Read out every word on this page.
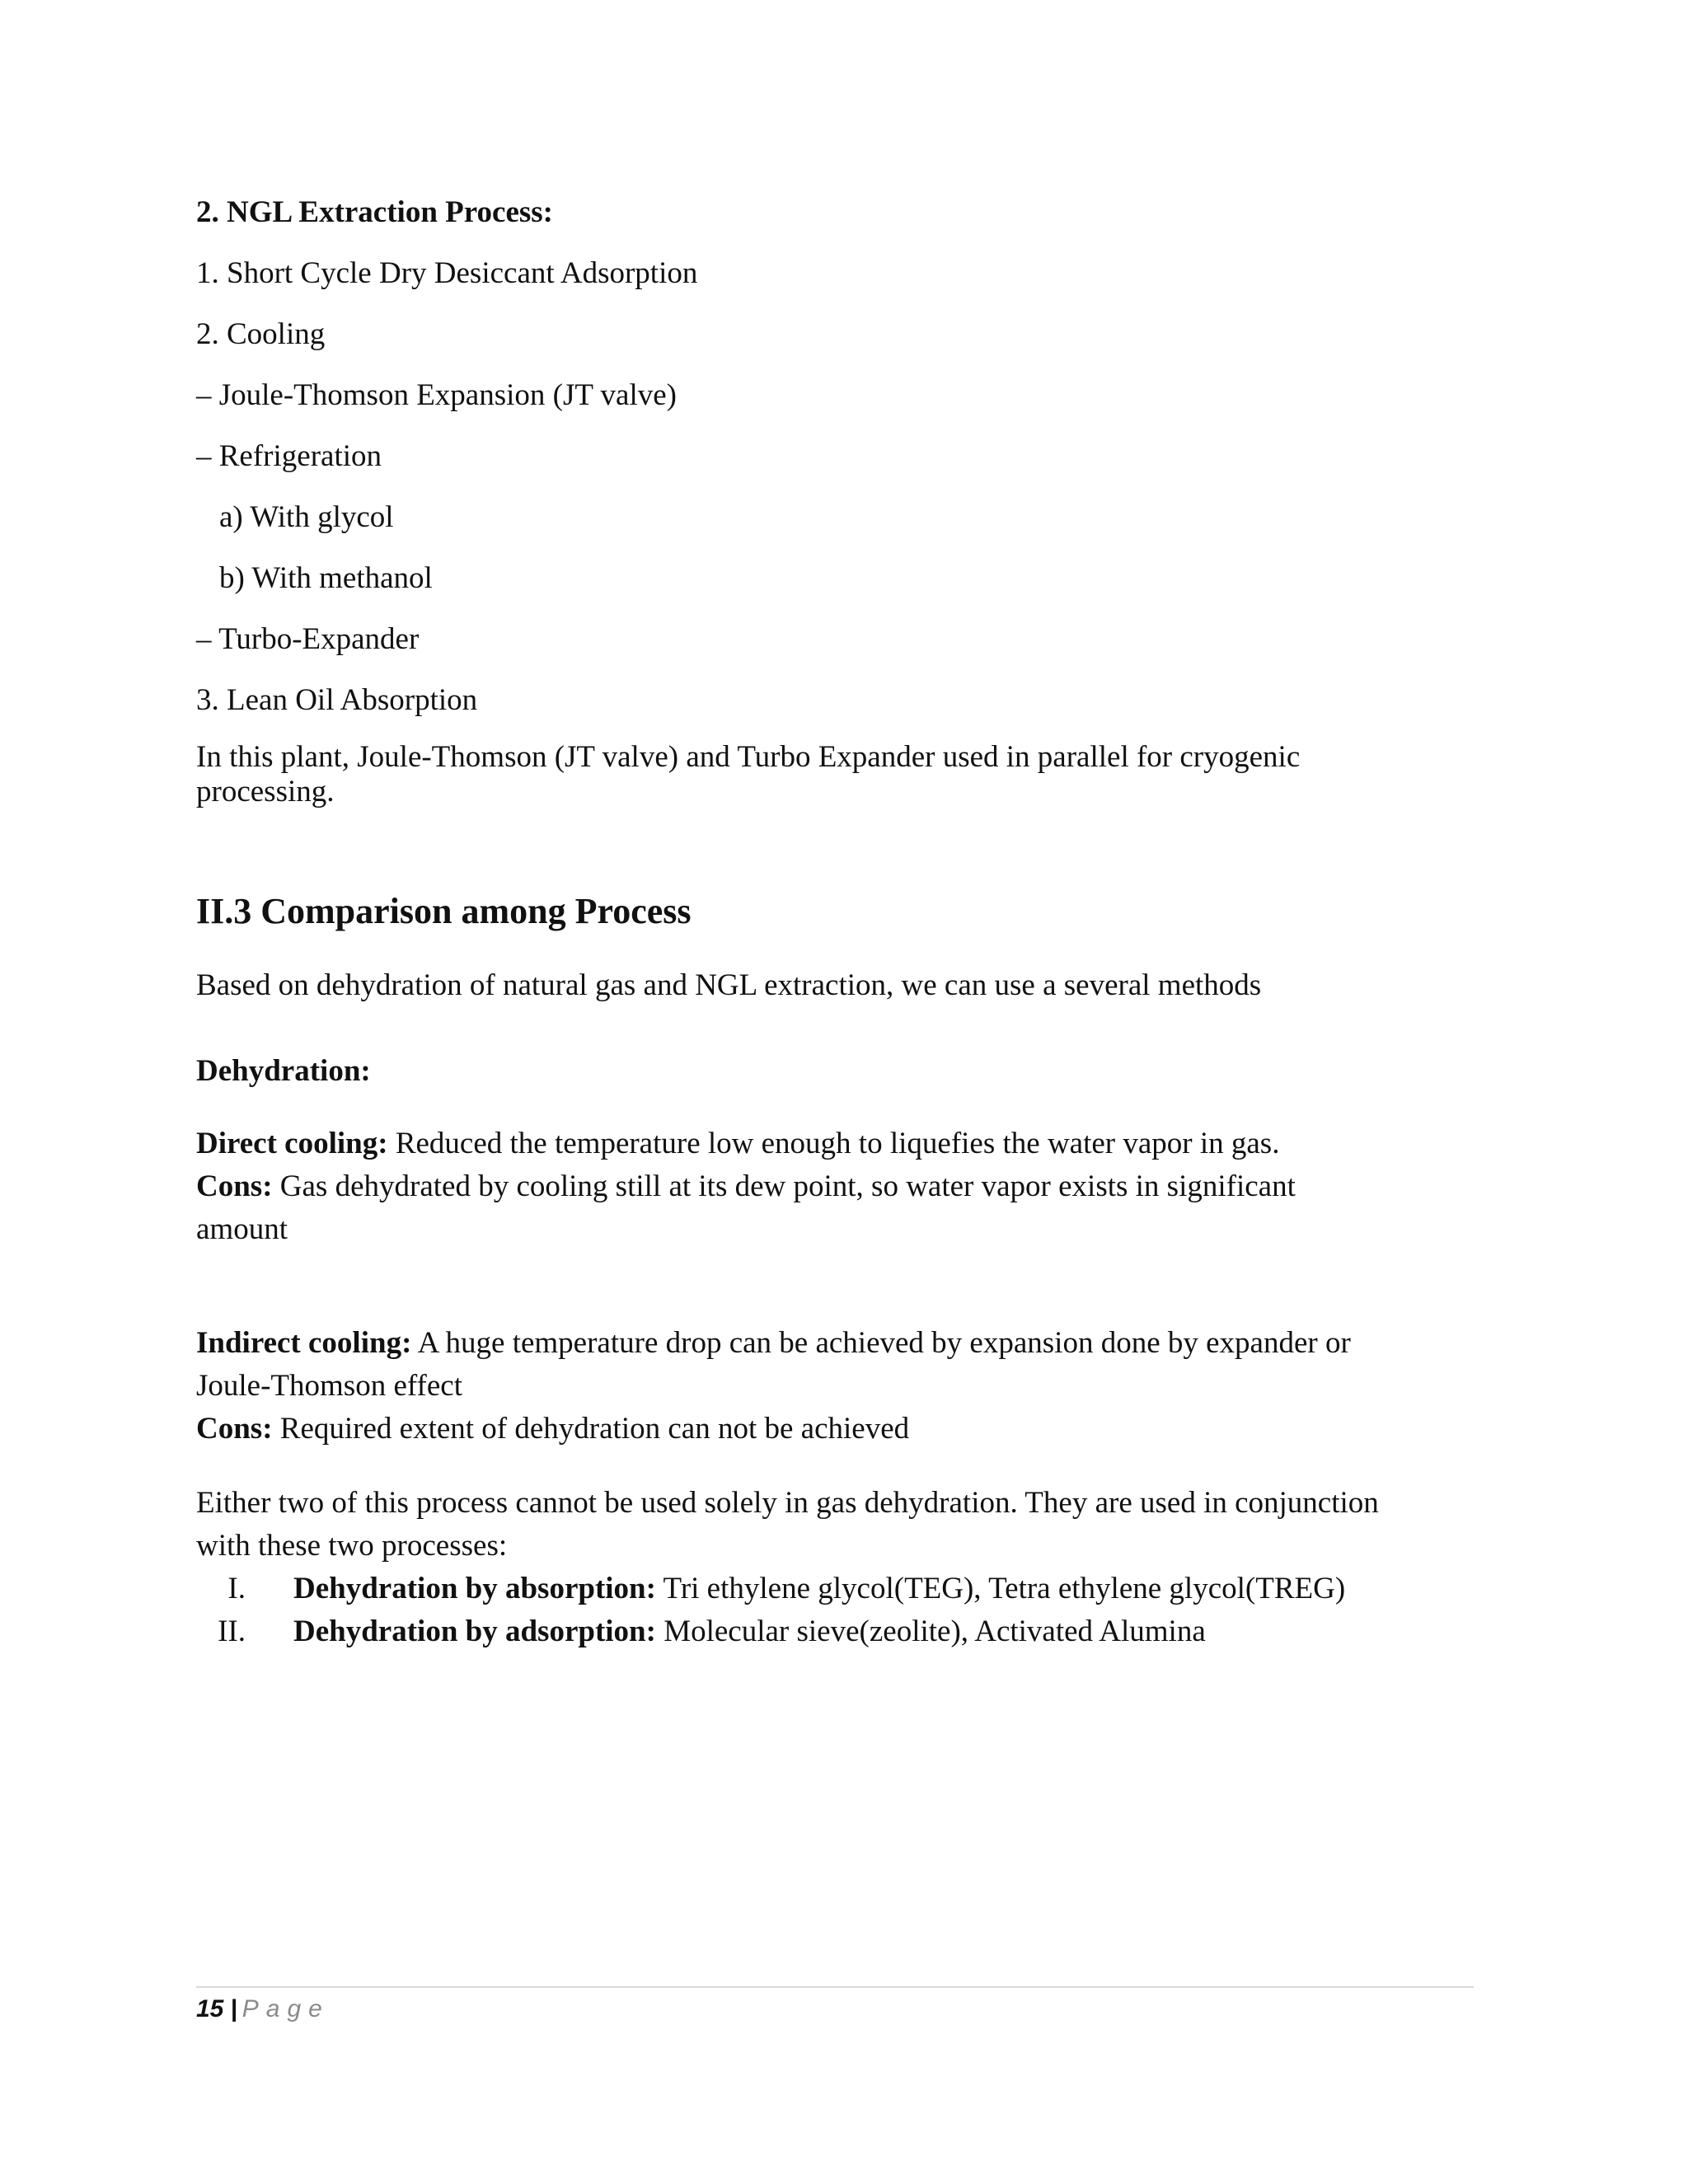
2. NGL Extraction Process:
1. Short Cycle Dry Desiccant Adsorption
2. Cooling
– Joule-Thomson Expansion (JT valve)
– Refrigeration
a) With glycol
b) With methanol
– Turbo-Expander
3. Lean Oil Absorption
In this plant, Joule-Thomson (JT valve) and Turbo Expander used in parallel for cryogenic
processing.
II.3 Comparison among Process
Based on dehydration of natural gas and NGL extraction, we can use a several methods
Dehydration:
Direct cooling: Reduced the temperature low enough to liquefies the water vapor in gas.
Cons: Gas dehydrated by cooling still at its dew point, so water vapor exists in significant
amount
Indirect cooling: A huge temperature drop can be achieved by expansion done by expander or
Joule-Thomson effect
Cons: Required extent of dehydration can not be achieved
Either two of this process cannot be used solely in gas dehydration. They are used in conjunction
with these two processes:
I. Dehydration by absorption: Tri ethylene glycol(TEG), Tetra ethylene glycol(TREG)
II. Dehydration by adsorption: Molecular sieve(zeolite), Activated Alumina
15 | Page
